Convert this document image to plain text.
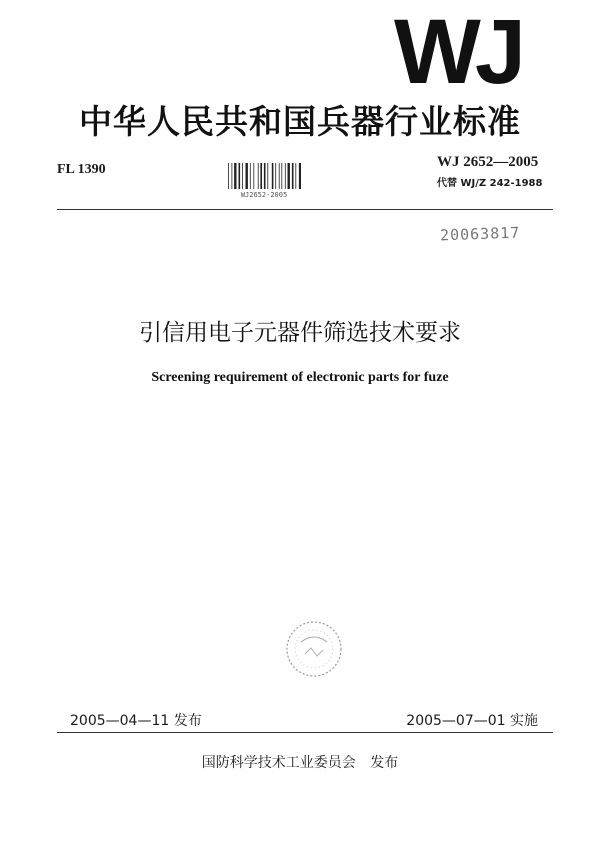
WJ
中华人民共和国兵器行业标准
FL 1390
WJ2652-2005
WJ 2652—2005
代替 WJ/Z 242-1988
20063817
引信用电子元器件筛选技术要求
Screening requirement of electronic parts for fuze
2005—04—11 发布	2005—07—01 实施
国防科学技术工业委员会 发布
